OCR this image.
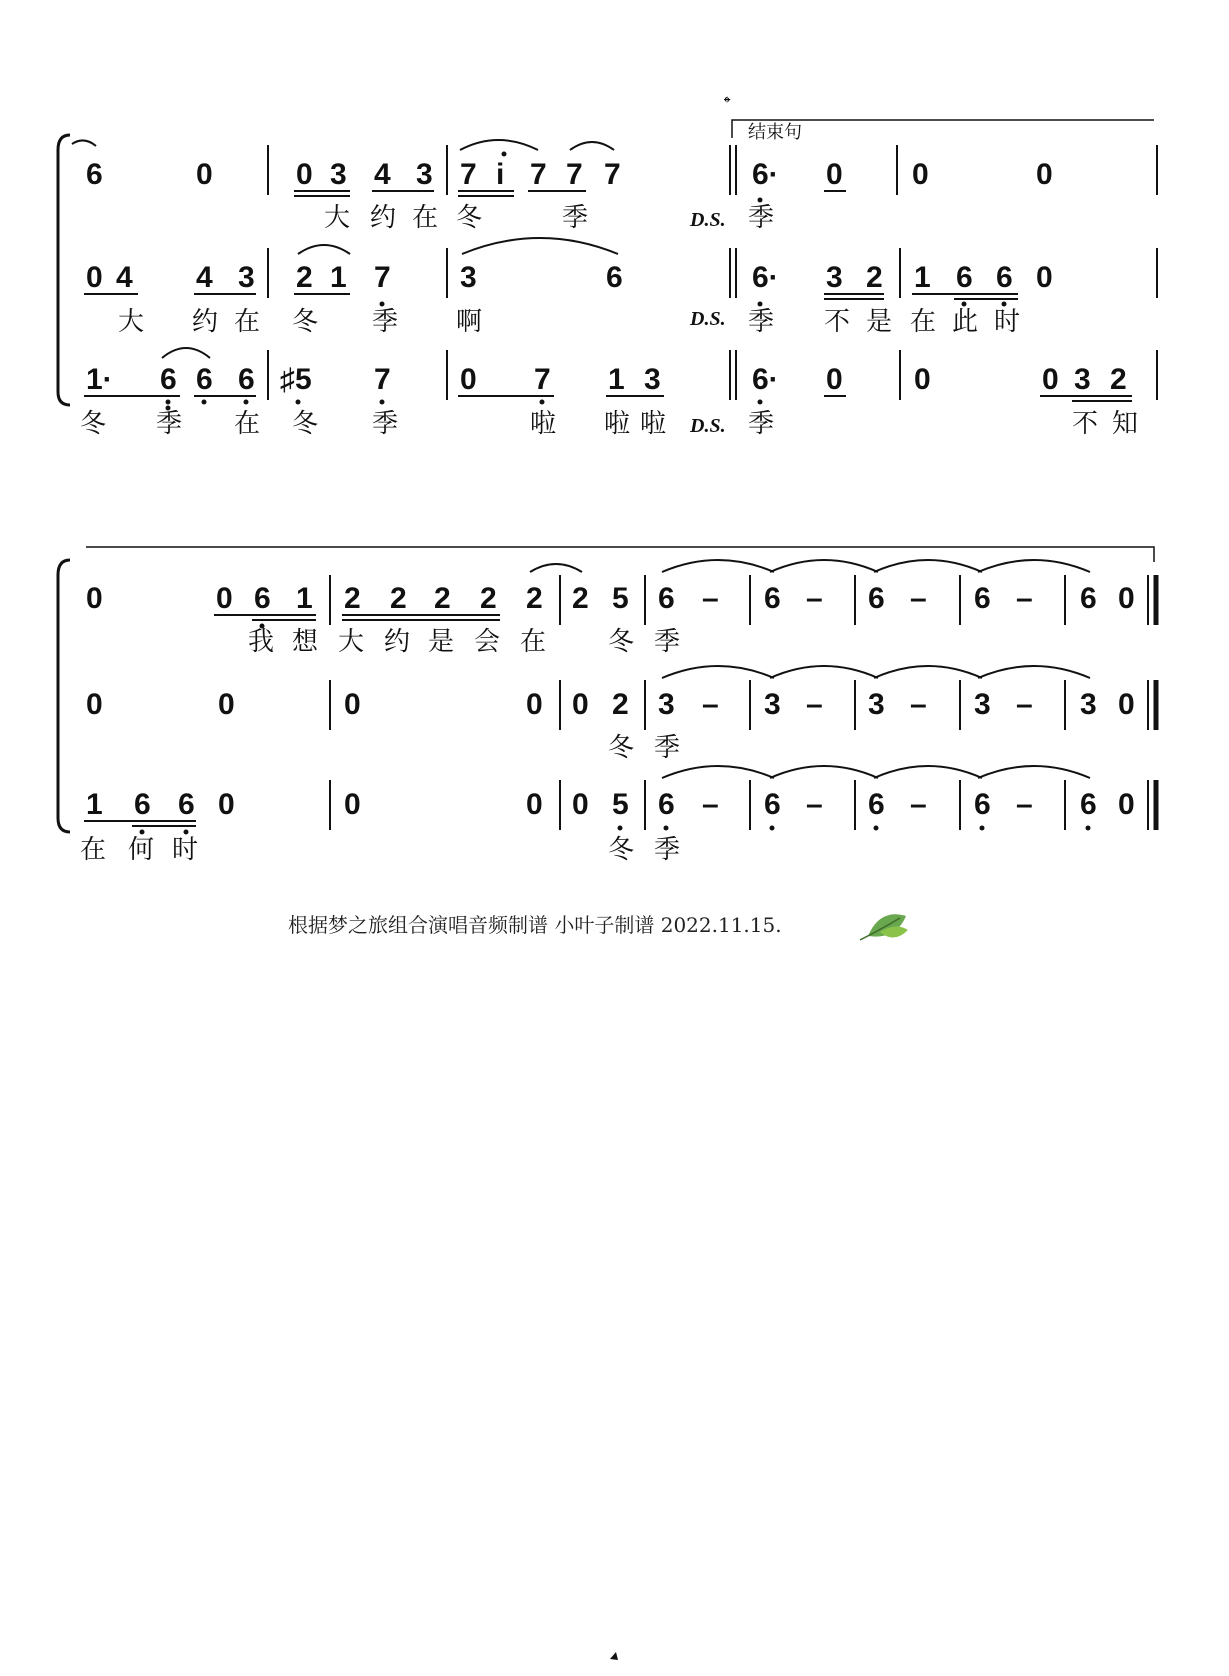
𝄌
结束句
6	0	0 3 4 3 7 i 7 7 7	6· 0 0	0
大 约 在 冬	季	D.S. 季
0 4 4 3 2 1 7 3	6	6· 3 2 1 6 6 0
大 约 在 冬 季 啊	D.S. 季 不 是 在 此 时
1· 6 6 6 ♯5 7 0 7 1 3	6· 0 0	0 3 2
冬 季 在 冬 季	啦 啦 啦 D.S. 季	不 知
0	0 6 1 2 2 2 2 2 2 5 6 – 6 – 6 – 6 – 6 0
我 想 大 约 是 会 在 冬 季
0	0	0	0 0 2 3 – 3 – 3 – 3 – 3 0
冬 季
1 6 6 0	0	0 0 5 6 – 6 – 6 – 6 – 6 0
在 何 时	冬 季
根据梦之旅组合演唱音频制谱 小叶子制谱 2022.11.15.
